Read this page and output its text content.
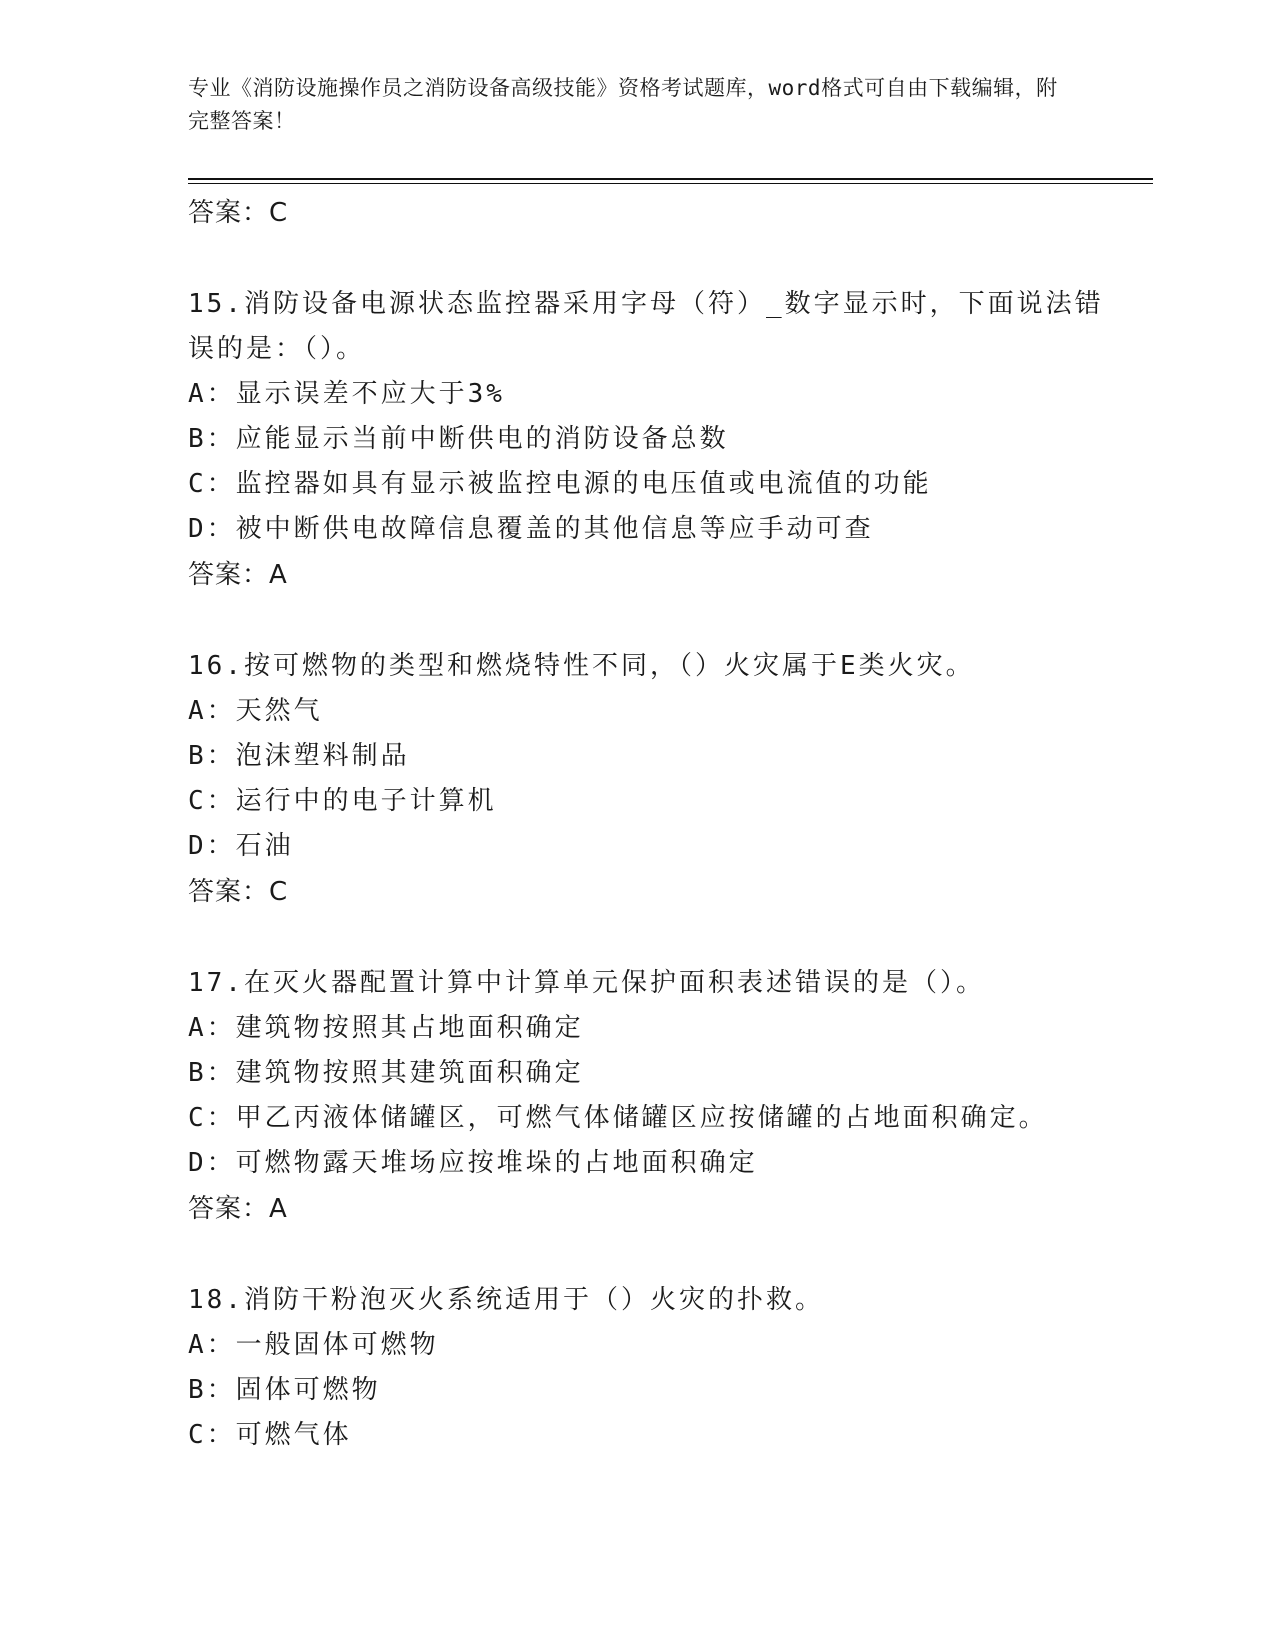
专业《消防设施操作员之消防设备高级技能》资格考试题库，word格式可自由下载编辑，附完整答案！
答案：C
15.消防设备电源状态监控器采用字母（符）_数字显示时，下面说法错误的是：（）。
A：显示误差不应大于3%
B：应能显示当前中断供电的消防设备总数
C：监控器如具有显示被监控电源的电压值或电流值的功能
D：被中断供电故障信息覆盖的其他信息等应手动可查
答案：A
16.按可燃物的类型和燃烧特性不同，（）火灾属于E类火灾。
A：天然气
B：泡沫塑料制品
C：运行中的电子计算机
D：石油
答案：C
17.在灭火器配置计算中计算单元保护面积表述错误的是（）。
A：建筑物按照其占地面积确定
B：建筑物按照其建筑面积确定
C：甲乙丙液体储罐区，可燃气体储罐区应按储罐的占地面积确定。
D：可燃物露天堆场应按堆垛的占地面积确定
答案：A
18.消防干粉泡灭火系统适用于（）火灾的扑救。
A：一般固体可燃物
B：固体可燃物
C：可燃气体
